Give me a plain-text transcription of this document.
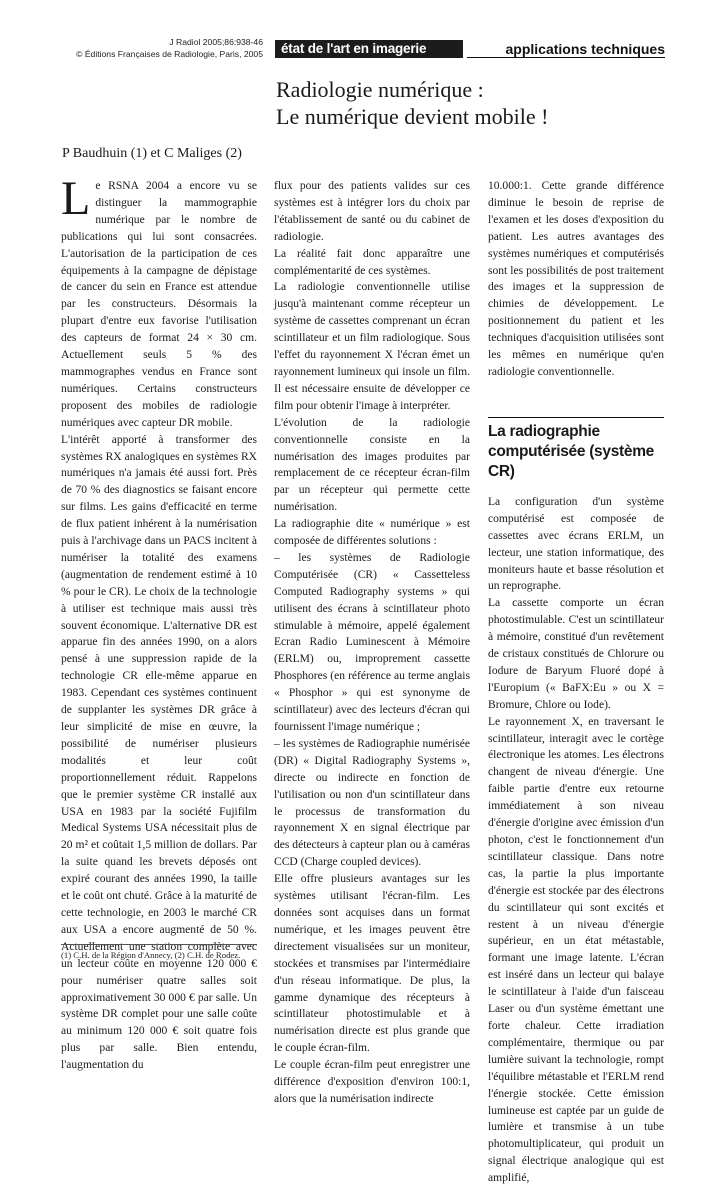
J Radiol 2005;86:938-46
© Éditions Françaises de Radiologie, Paris, 2005	état de l'art en imagerie	applications techniques
Radiologie numérique :
Le numérique devient mobile !
P Baudhuin (1) et C Maliges (2)

Le RSNA 2004 a encore vu se distinguer la mammographie numérique par le nombre de publications qui lui sont consacrées. L'autorisation de la participation de ces équipements à la campagne de dépistage de cancer du sein en France est attendue par les constructeurs. Désormais la plupart d'entre eux favorise l'utilisation des capteurs de format 24 × 30 cm. Actuellement seuls 5 % des mammographes vendus en France sont numériques. Certains constructeurs proposent des mobiles de radiologie numériques avec capteur DR mobile.

L'intérêt apporté à transformer des systèmes RX analogiques en systèmes RX numériques n'a jamais été aussi fort. Près de 70 % des diagnostics se faisant encore sur films. Les gains d'efficacité en terme de flux patient inhérent à la numérisation puis à l'archivage dans un PACS incitent à numériser la totalité des examens (augmentation de rendement estimé à 10 % pour le CR). Le choix de la technologie à utiliser est technique mais aussi très souvent économique. L'alternative DR est apparue fin des années 1990, on a alors pensé à une suppression rapide de la technologie CR elle-même apparue en 1983. Cependant ces systèmes continuent de supplanter les systèmes DR grâce à leur simplicité de mise en œuvre, la possibilité de numériser plusieurs modalités et leur coût proportionnellement réduit. Rappelons que le premier système CR installé aux USA en 1983 par la société Fujifilm Medical Systems USA nécessitait plus de 20 m² et coûtait 1,5 million de dollars. Par la suite quand les brevets déposés ont expiré courant des années 1990, la taille et le coût ont chuté. Grâce à la maturité de cette technologie, en 2003 le marché CR aux USA a encore augmenté de 50 %. Actuellement une station complète avec un lecteur coûte en moyenne 120 000 € pour numériser quatre salles soit approximativement 30 000 € par salle. Un système DR complet pour une salle coûte au minimum 120 000 € soit quatre fois plus par salle. Bien entendu, l'augmentation du

flux pour des patients valides sur ces systèmes est à intégrer lors du choix par l'établissement de santé ou du cabinet de radiologie.

La réalité fait donc apparaître une complémentarité de ces systèmes.

La radiologie conventionnelle utilise jusqu'à maintenant comme récepteur un système de cassettes comprenant un écran scintillateur et un film radiologique. Sous l'effet du rayonnement X l'écran émet un rayonnement lumineux qui insole un film. Il est nécessaire ensuite de développer ce film pour obtenir l'image à interpréter.

L'évolution de la radiologie conventionnelle consiste en la numérisation des images produites par remplacement de ce récepteur écran-film par un récepteur qui permette cette numérisation.

La radiographie dite « numérique » est composée de différentes solutions :

– les systèmes de Radiologie Computérisée (CR) « Cassetteless Computed Radiography systems » qui utilisent des écrans à scintillateur photo stimulable à mémoire, appelé également Ecran Radio Luminescent à Mémoire (ERLM) ou, improprement cassette Phosphores (en référence au terme anglais « Phosphor » qui est synonyme de scintillateur) avec des lecteurs d'écran qui fournissent l'image numérique ;

– les systèmes de Radiographie numérisée (DR) « Digital Radiography Systems », directe ou indirecte en fonction de l'utilisation ou non d'un scintillateur dans le processus de transformation du rayonnement X en signal électrique par des détecteurs à capteur plan ou à caméras CCD (Charge coupled devices).

Elle offre plusieurs avantages sur les systèmes utilisant l'écran-film. Les données sont acquises dans un format numérique, et les images peuvent être directement visualisées sur un moniteur, stockées et transmises par l'intermédiaire d'un réseau informatique. De plus, la gamme dynamique des récepteurs à scintillateur photostimulable et à numérisation directe est plus grande que le couple écran-film.

Le couple écran-film peut enregistrer une différence d'exposition d'environ 100:1, alors que la numérisation indirecte

10.000:1. Cette grande différence diminue le besoin de reprise de l'examen et les doses d'exposition du patient. Les autres avantages des systèmes numériques et computérisés sont les possibilités de post traitement des images et la suppression de chimies de développement. Le positionnement du patient et les techniques d'acquisition utilisées sont les mêmes en numérique qu'en radiologie conventionnelle.

La radiographie computérisée (système CR)

La configuration d'un système computérisé est composée de cassettes avec écrans ERLM, un lecteur, une station informatique, des moniteurs haute et basse résolution et un reprographe.

La cassette comporte un écran photostimulable. C'est un scintillateur à mémoire, constitué d'un revêtement de cristaux constitués de Chlorure ou Iodure de Baryum Fluoré dopé à l'Europium (« BaFX:Eu » ou X = Bromure, Chlore ou Iode).

Le rayonnement X, en traversant le scintillateur, interagit avec le cortège électronique les atomes. Les électrons changent de niveau d'énergie. Une faible partie d'entre eux retourne immédiatement à son niveau d'énergie d'origine avec émission d'un photon, c'est le fonctionnement d'un scintillateur classique. Dans notre cas, la partie la plus importante d'énergie est stockée par des électrons du scintillateur qui sont excités et restent à un niveau d'énergie supérieur, en un état métastable, formant une image latente. L'écran est inséré dans un lecteur qui balaye le scintillateur à l'aide d'un faisceau Laser ou d'un système émettant une forte chaleur. Cette irradiation complémentaire, thermique ou par lumière suivant la technologie, rompt l'équilibre métastable et l'ERLM rend l'énergie stockée. Cette émission lumineuse est captée par un guide de lumière et transmise à un tube photomultiplicateur, qui produit un signal électrique analogique qui est amplifié,

(1) C.H. de la Région d'Annecy, (2) C.H. de Rodez.
